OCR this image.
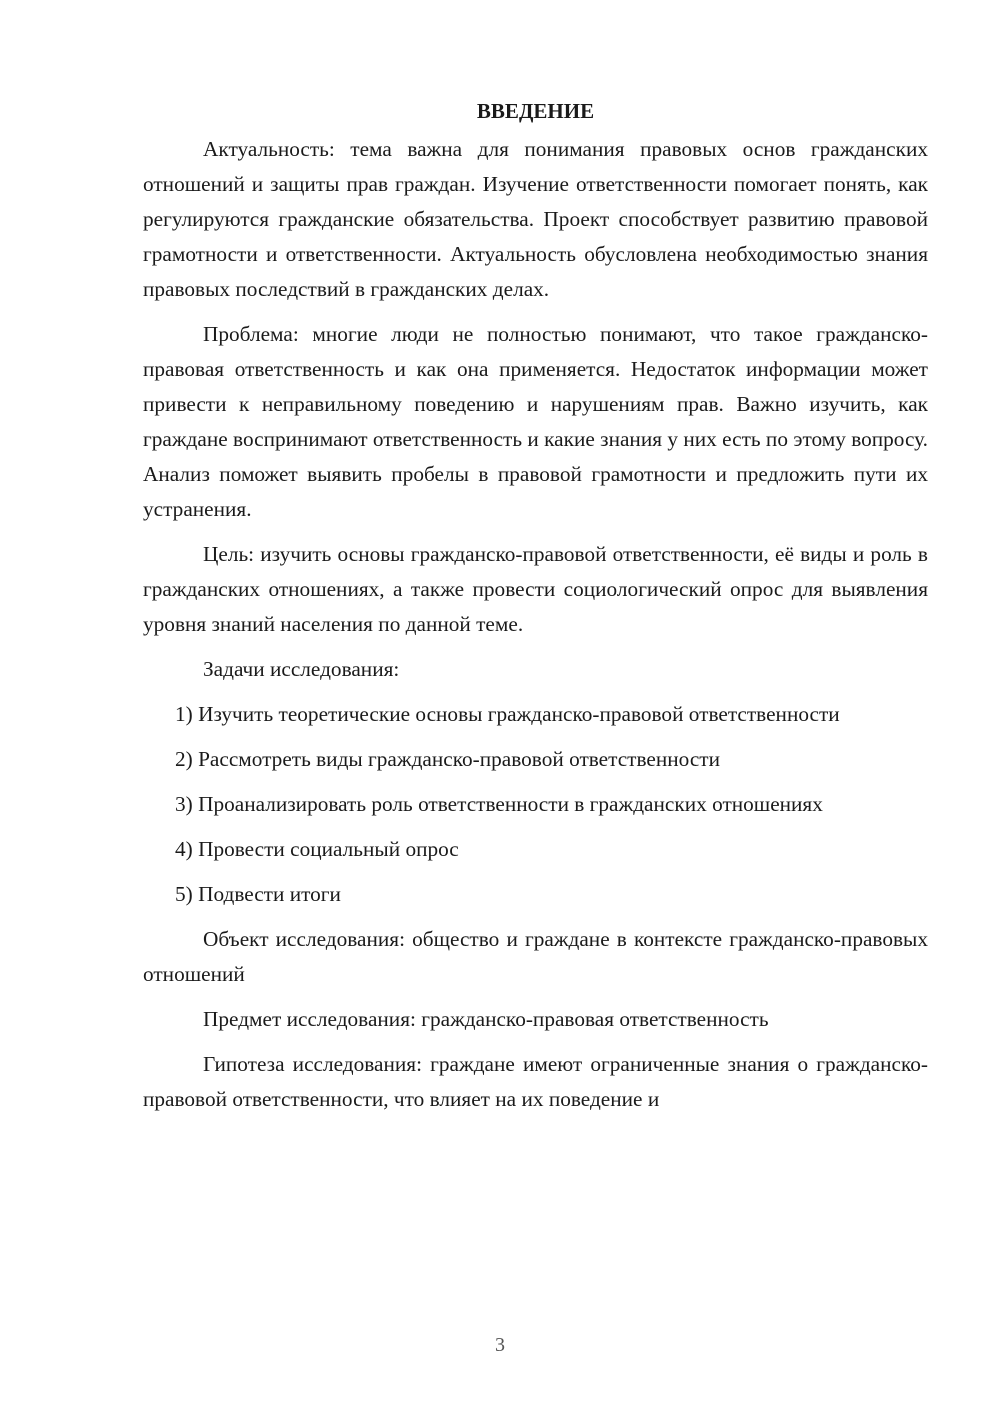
ВВЕДЕНИЕ

Актуальность: тема важна для понимания правовых основ гражданских отношений и защиты прав граждан. Изучение ответственности помогает понять, как регулируются гражданские обязательства. Проект способствует развитию правовой грамотности и ответственности. Актуальность обусловлена необходимостью знания правовых последствий в гражданских делах.

Проблема: многие люди не полностью понимают, что такое гражданско-правовая ответственность и как она применяется. Недостаток информации может привести к неправильному поведению и нарушениям прав. Важно изучить, как граждане воспринимают ответственность и какие знания у них есть по этому вопросу. Анализ поможет выявить пробелы в правовой грамотности и предложить пути их устранения.

Цель: изучить основы гражданско-правовой ответственности, её виды и роль в гражданских отношениях, а также провести социологический опрос для выявления уровня знаний населения по данной теме.

Задачи исследования:

1) Изучить теоретические основы гражданско-правовой ответственности

2) Рассмотреть виды гражданско-правовой ответственности

3) Проанализировать роль ответственности в гражданских отношениях

4) Провести социальный опрос

5) Подвести итоги

Объект исследования: общество и граждане в контексте гражданско-правовых отношений

Предмет исследования: гражданско-правовая ответственность

Гипотеза исследования: граждане имеют ограниченные знания о гражданско-правовой ответственности, что влияет на их поведение и

3
